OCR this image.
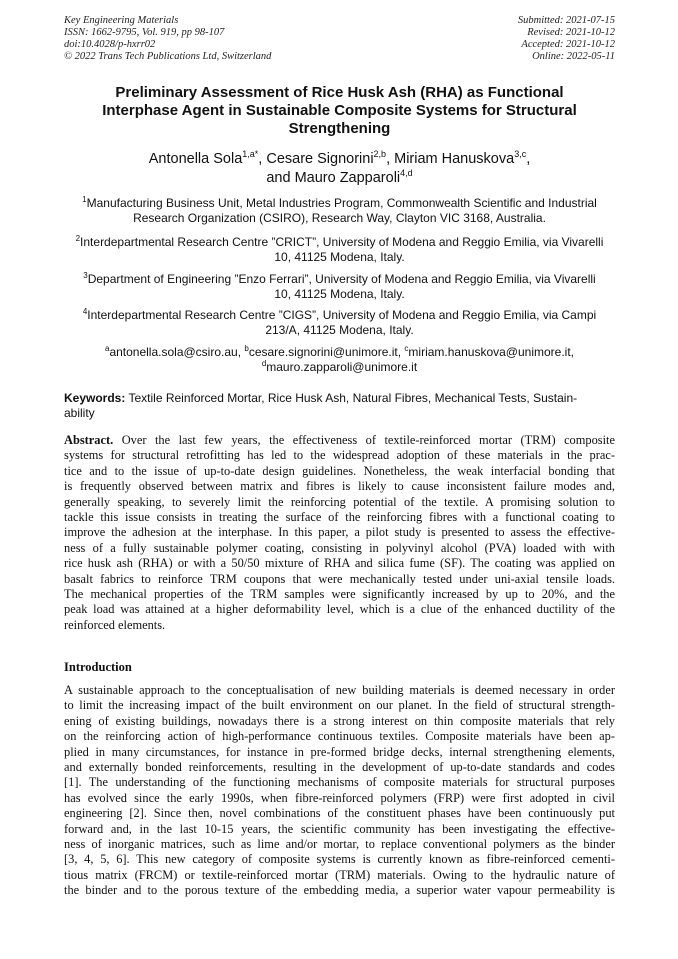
Key Engineering Materials
ISSN: 1662-9795, Vol. 919, pp 98-107
doi:10.4028/p-hxrr02
© 2022 Trans Tech Publications Ltd, Switzerland
Submitted: 2021-07-15
Revised: 2021-10-12
Accepted: 2021-10-12
Online: 2022-05-11
Preliminary Assessment of Rice Husk Ash (RHA) as Functional
Interphase Agent in Sustainable Composite Systems for Structural
Strengthening
Antonella Sola$^{1,a*}$, Cesare Signorini$^{2,b}$, Miriam Hanuskova$^{3,c}$,
and Mauro Zapparoli$^{4,d}$
$^1$Manufacturing Business Unit, Metal Industries Program, Commonwealth Scientific and Industrial
Research Organization (CSIRO), Research Way, Clayton VIC 3168, Australia.
$^2$Interdepartmental Research Centre ”CRICT”, University of Modena and Reggio Emilia, via Vivarelli
10, 41125 Modena, Italy.
$^3$Department of Engineering ”Enzo Ferrari”, University of Modena and Reggio Emilia, via Vivarelli
10, 41125 Modena, Italy.
$^4$Interdepartmental Research Centre ”CIGS”, University of Modena and Reggio Emilia, via Campi
213/A, 41125 Modena, Italy.
$^a$antonella.sola@csiro.au, $^b$cesare.signorini@unimore.it, $^c$miriam.hanuskova@unimore.it,
$^d$mauro.zapparoli@unimore.it
Keywords: Textile Reinforced Mortar, Rice Husk Ash, Natural Fibres, Mechanical Tests, Sustain-
ability
Abstract. Over the last few years, the effectiveness of textile-reinforced mortar (TRM) composite
systems for structural retrofitting has led to the widespread adoption of these materials in the prac-
tice and to the issue of up-to-date design guidelines. Nonetheless, the weak interfacial bonding that
is frequently observed between matrix and fibres is likely to cause inconsistent failure modes and,
generally speaking, to severely limit the reinforcing potential of the textile. A promising solution to
tackle this issue consists in treating the surface of the reinforcing fibres with a functional coating to
improve the adhesion at the interphase. In this paper, a pilot study is presented to assess the effective-
ness of a fully sustainable polymer coating, consisting in polyvinyl alcohol (PVA) loaded with with
rice husk ash (RHA) or with a 50/50 mixture of RHA and silica fume (SF). The coating was applied on
basalt fabrics to reinforce TRM coupons that were mechanically tested under uni-axial tensile loads.
The mechanical properties of the TRM samples were significantly increased by up to 20%, and the
peak load was attained at a higher deformability level, which is a clue of the enhanced ductility of the
reinforced elements.
Introduction
A sustainable approach to the conceptualisation of new building materials is deemed necessary in order
to limit the increasing impact of the built environment on our planet. In the field of structural strength-
ening of existing buildings, nowadays there is a strong interest on thin composite materials that rely
on the reinforcing action of high-performance continuous textiles. Composite materials have been ap-
plied in many circumstances, for instance in pre-formed bridge decks, internal strengthening elements,
and externally bonded reinforcements, resulting in the development of up-to-date standards and codes
[1]. The understanding of the functioning mechanisms of composite materials for structural purposes
has evolved since the early 1990s, when fibre-reinforced polymers (FRP) were first adopted in civil
engineering [2]. Since then, novel combinations of the constituent phases have been continuously put
forward and, in the last 10-15 years, the scientific community has been investigating the effective-
ness of inorganic matrices, such as lime and/or mortar, to replace conventional polymers as the binder
[3, 4, 5, 6]. This new category of composite systems is currently known as fibre-reinforced cementi-
tious matrix (FRCM) or textile-reinforced mortar (TRM) materials. Owing to the hydraulic nature of
the binder and to the porous texture of the embedding media, a superior water vapour permeability is
